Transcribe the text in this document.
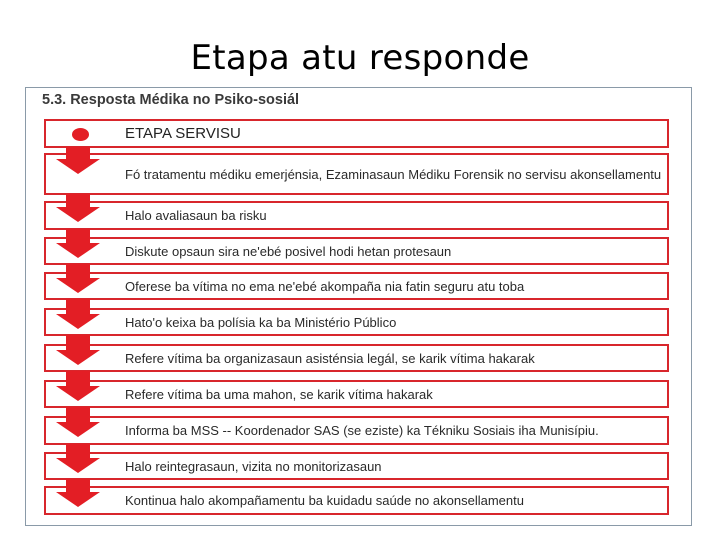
Etapa atu responde
5.3. Resposta Médika no Psiko-sosiál
ETAPA SERVISU
Fó tratamentu médiku emerjénsia, Ezaminasaun Médiku Forensik no servisu akonsellamentu
Halo avaliasaun ba risku
Diskute opsaun sira ne'ebé posivel hodi hetan protesaun
Oferese ba vítima no ema ne'ebé akompaña nia fatin seguru atu toba
Hato'o keixa ba polísia ka ba Ministério Público
Refere vítima ba organizasaun asisténsia legál, se karik vítima hakarak
Refere vítima ba uma mahon, se karik vítima hakarak
Informa ba MSS -- Koordenador SAS (se eziste) ka Tékniku Sosiais iha Munisípiu.
Halo reintegrasaun, vizita no monitorizasaun
Kontinua halo akompañamentu ba kuidadu saúde no akonsellamentu
